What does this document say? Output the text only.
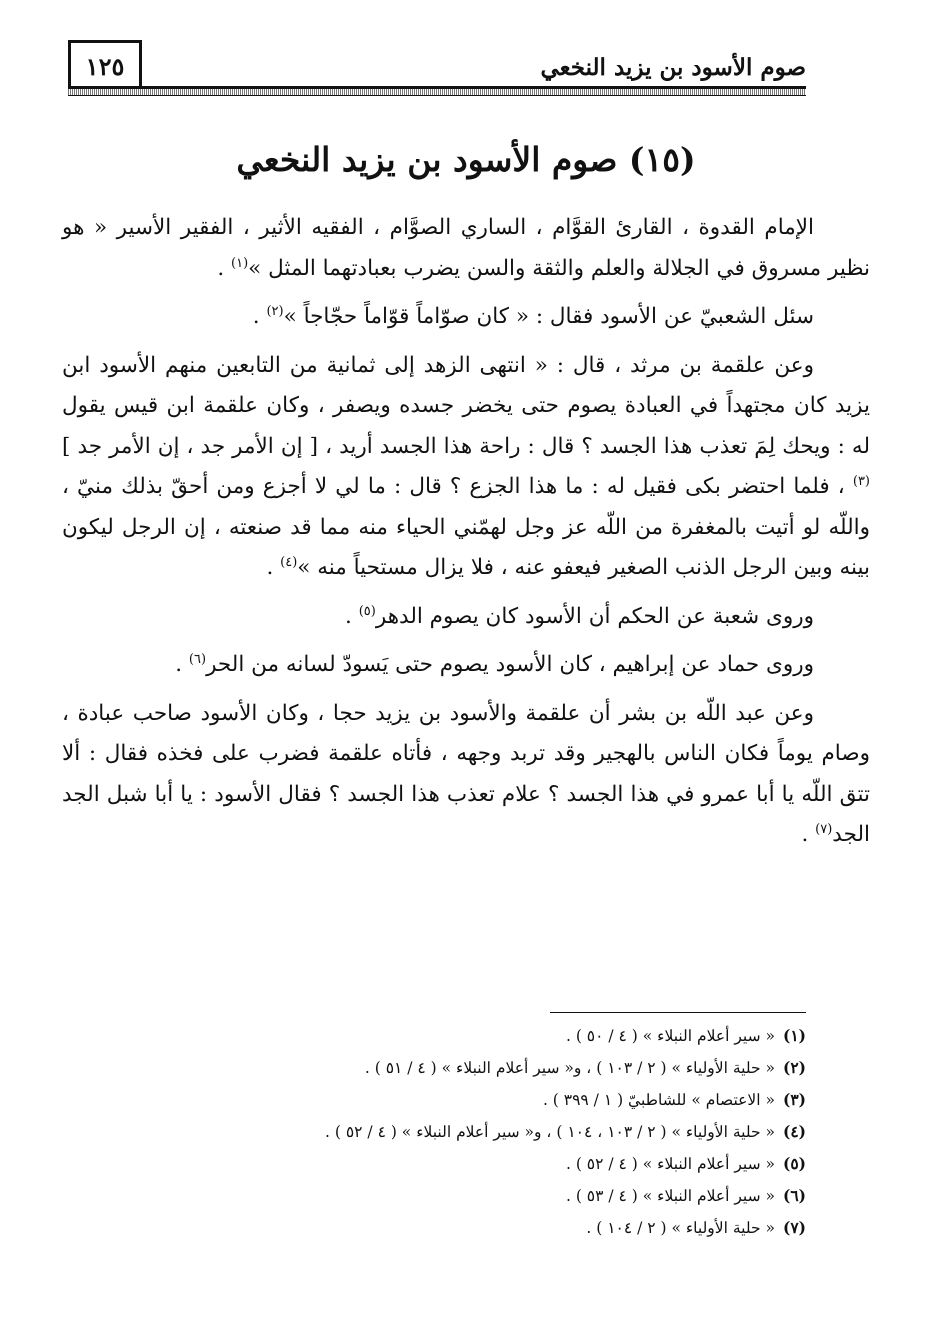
صوم الأسود بن يزيد النخعي
١٢٥
(١٥) صوم الأسود بن يزيد النخعي

الإمام القدوة ، القارئ القوَّام ، الساري الصوَّام ، الفقيه الأثير ، الفقير الأسير « هو نظير مسروق في الجلالة والعلم والثقة والسن يضرب بعبادتهما المثل »$^{(١)}$ .

سئل الشعبيّ عن الأسود فقال : « كان صوّاماً قوّاماً حجّاجاً »$^{(٢)}$ .

وعن علقمة بن مرثد ، قال : « انتهى الزهد إلى ثمانية من التابعين منهم الأسود ابن يزيد كان مجتهداً في العبادة يصوم حتى يخضر جسده ويصفر ، وكان علقمة ابن قيس يقول له : ويحك لِمَ تعذب هذا الجسد ؟ قال : راحة هذا الجسد أريد ، [ إن الأمر جد ، إن الأمر جد ]$^{(٣)}$ ، فلما احتضر بكى فقيل له : ما هذا الجزع ؟ قال : ما لي لا أجزع ومن أحقّ بذلك منيّ ، واللّه لو أتيت بالمغفرة من اللّه عز وجل لهمّني الحياء منه مما قد صنعته ، إن الرجل ليكون بينه وبين الرجل الذنب الصغير فيعفو عنه ، فلا يزال مستحياً منه »$^{(٤)}$ .

وروى شعبة عن الحكم أن الأسود كان يصوم الدهر$^{(٥)}$ .

وروى حماد عن إبراهيم ، كان الأسود يصوم حتى يَسودّ لسانه من الحر$^{(٦)}$ .

وعن عبد اللّه بن بشر أن علقمة والأسود بن يزيد حجا ، وكان الأسود صاحب عبادة ، وصام يوماً فكان الناس بالهجير وقد تربد وجهه ، فأتاه علقمة فضرب على فخذه فقال : ألا تتق اللّه يا أبا عمرو في هذا الجسد ؟ علام تعذب هذا الجسد ؟ فقال الأسود : يا أبا شبل الجد الجد$^{(٧)}$ .

(١)« سير أعلام النبلاء » ( ٤ / ٥٠ ) .
(٢)« حلية الأولياء » ( ٢ / ١٠٣ ) ، و« سير أعلام النبلاء » ( ٤ / ٥١ ) .
(٣)« الاعتصام » للشاطبيّ ( ١ / ٣٩٩ ) .
(٤)« حلية الأولياء » ( ٢ / ١٠٣ ، ١٠٤ ) ، و« سير أعلام النبلاء » ( ٤ / ٥٢ ) .
(٥)« سير أعلام النبلاء » ( ٤ / ٥٢ ) .
(٦)« سير أعلام النبلاء » ( ٤ / ٥٣ ) .
(٧)« حلية الأولياء » ( ٢ / ١٠٤ ) .
